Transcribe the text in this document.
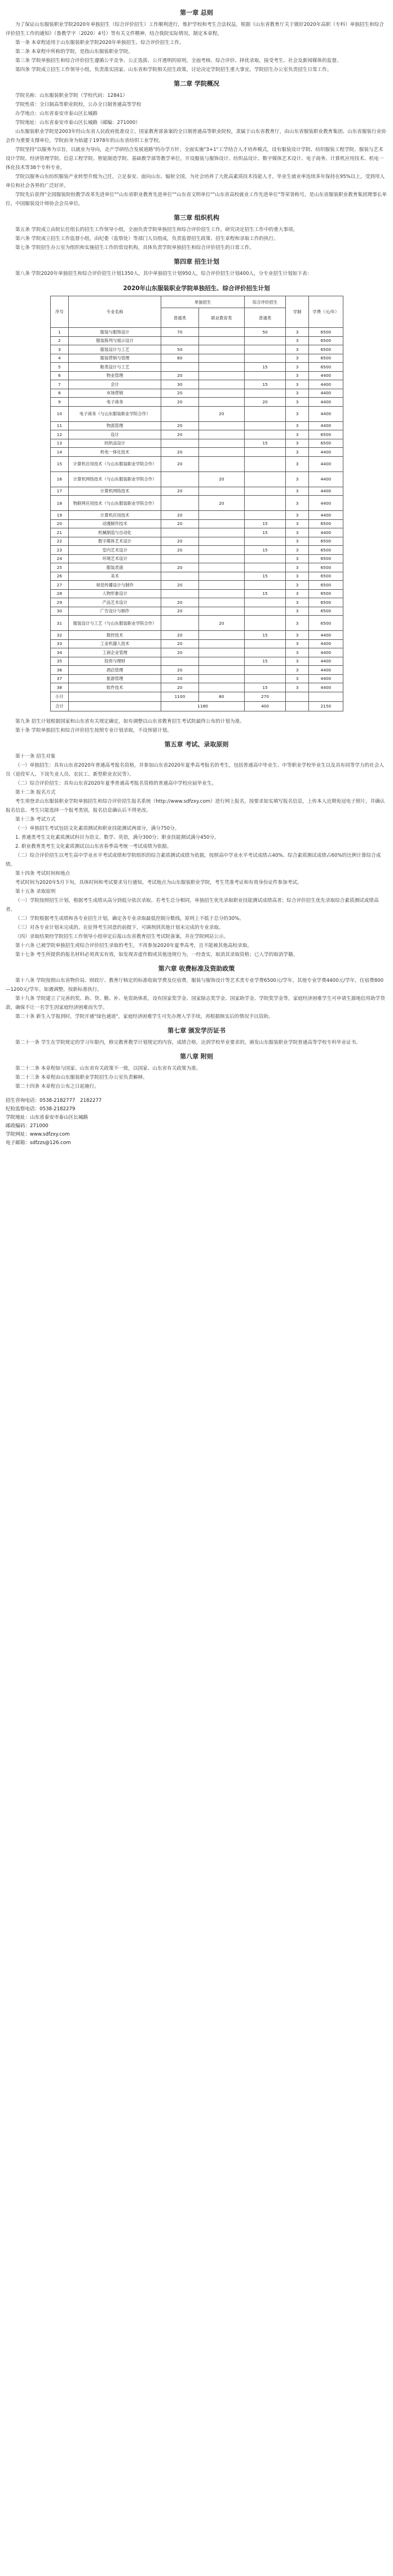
第一章 总则

为了保证山东服装职业学院2020年单独招生（综合评价招生）工作顺利进行，维护学校和考生合法权益，根据《山东省教育厅关于做好2020年高职（专科）单独招生和综合评价招生工作的通知》（鲁教学字〔2020〕4号）等有关文件精神，结合我院实际情况，制定本章程。

第一条 本章程适用于山东服装职业学院2020年单独招生、综合评价招生工作。

第二条 本章程中所称的学院，是指山东服装职业学院。

第三条 学院单独招生和综合评价招生遵循公平竞争、公正选拔、公开透明的原则，全面考核、综合评价、择优录取，接受考生、社会及新闻媒体的监督。

第四条 学院成立招生工作领导小组，负责落实国家、山东省和学院相关招生政策，讨论决定学院招生重大事宜。学院招生办公室负责招生日常工作。

第二章 学院概况

学院名称：山东服装职业学院（学校代码：12841）

学院性质：全日制高等职业院校，公办全日制普通高等学校

办学地点：山东省泰安市泰山区长城路

学院地址：山东省泰安市泰山区长城路（邮编：271000）

山东服装职业学院是2003年经山东省人民政府批准设立、国家教育部备案的全日制普通高等职业院校，隶属于山东省教育厅，由山东省服装职业教育集团、山东省服装行业协会作为重要支撑单位，学院前身为始建于1978年的山东省纺织工业学校。

学院坚持"以服务为宗旨，以就业为导向，走产学研结合发展道路"的办学方针，全面实施"3+1"工学结合人才培养模式，设有服装设计学院、纺织服装工程学院、服装与艺术设计学院、经济管理学院、信息工程学院、智能制造学院、基础教学部等教学单位，开设服装与服饰设计、纺织品设计、数字媒体艺术设计、电子商务、计算机应用技术、机电一体化技术等38个专科专业。

学院以服务山东纺织服装产业转型升级为己任，立足泰安、面向山东、辐射全国，为社会培养了大批高素质技术技能人才，毕业生就业率连续多年保持在95%以上，受到用人单位和社会各界的广泛好评。

学院先后获得"全国服装院校教学改革先进单位""山东省职业教育先进单位""山东省文明单位""山东省高校就业工作先进单位"等荣誉称号，是山东省服装职业教育集团理事长单位、中国服装设计师协会会员单位。

第三章 组织机构

第五条 学院成立由院长任组长的招生工作领导小组，全面负责学院单独招生和综合评价招生工作，研究决定招生工作中的重大事项。

第六条 学院成立招生工作监督小组，由纪委（监察处）等部门人员组成，负责监督招生政策、招生章程和录取工作的执行。

第七条 学院招生办公室为组织和实施招生工作的常设机构，具体负责学院单独招生和综合评价招生的日常工作。

第四章 招生计划

第八条 学院2020年单独招生和综合评价招生计划1350人，其中单独招生计划950人，综合评价招生计划400人，分专业招生计划如下表：

2020年山东服装职业学院单独招生、综合评价招生计划
序号	专业名称	单独招生		综合评价招生	学制	学费（元/年）
		普通类	职业教育类	普通类		
1	服装与服饰设计	70		50	3	6500
2	服装陈列与展示设计				3	6500
3	服装设计与工艺	50			3	6500
4	服装营销与管理	60			3	6500
5	鞋类设计与工艺			15	3	6500
6	物业管理	20			3	4400
7	会计	30		15	3	4400
8	市场营销	20			3	4400
9	电子商务	20		20	3	4400
10	电子商务（与山东服装职业学院合作）		20		3	4400
11	物流管理	20			3	4400
12	设计	20			3	6500
13	纺织品设计			15	3	6500
14	机电一体化技术	20			3	4400
15	计算机应用技术（与山东服装职业学院合作）	20			3	4400
16	计算机网络技术（与山东服装职业学院合作）		20		3	4400
17	计算机网络技术	20			3	4400
18	物联网应用技术（与山东服装职业学院合作）		20		3	4400
19	计算机应用技术	20			3	4400
20	动漫制作技术	20		15	3	6500
21	机械制造与自动化			15	3	4400
22	数字媒体艺术设计	20			3	6500
23	室内艺术设计	20		15	3	6500
24	环境艺术设计				3	6500
25	服装表演	20			3	6500
26	美术			15	3	6500
27	视觉传播设计与制作	20			3	6500
28	人物形象设计			15	3	6500
29	产品艺术设计	20			3	6500
30	广告设计与制作	20			3	6500
31	服装设计与工艺（与山东服装职业学院合作）		20		3	6500
32	数控技术	20		15	3	4400
33	工业机器人技术	20			3	4400
34	工商企业管理	20			3	4400
35	投资与理财			15	3	4400
36	酒店管理	20			3	4400
37	旅游管理	20			3	4400
38	软件技术	20		15	3	4400
小计		1100	80	270		
合计		1180		400		2150

第九条 招生计划根据国家和山东省有关规定确定，如有调整以山东省教育招生考试院最终公布的计划为准。

第十条 学院单独招生和综合评价招生按照专业计划录取，不设预留计划。

第五章 考试、录取原则

第十一条 招生对象

（一）单独招生：具有山东省2020年普通高考报名资格，并参加山东省2020年夏季高考报名的考生，包括普通高中毕业生、中等职业学校毕业生以及具有同等学力的社会人员（退役军人、下岗失业人员、农民工、新型职业农民等）。

（二）综合评价招生：具有山东省2020年夏季普通高考报名资格的普通高中学校应届毕业生。

第十二条 报名方式

考生须登录山东服装职业学院单独招生和综合评价招生报名系统（http://www.sdfzxy.com）进行网上报名，按要求如实填写报名信息，上传本人近期免冠电子照片，并确认报名信息。考生只能选择一个报考类别，报名信息确认后不得更改。

第十三条 考试方式

（一）单独招生考试包括文化素质测试和职业技能测试两部分，满分750分。

1. 普通类考生文化素质测试科目为语文、数学、英语，满分300分；职业技能测试满分450分。

2. 职业教育类考生文化素质测试以山东省春季高考统一考试成绩为依据。

（二）综合评价招生以考生高中学业水平考试成绩和学院组织的综合素质测试成绩为依据，按照高中学业水平考试成绩占40%、综合素质测试成绩占60%的比例计算综合成绩。

第十四条 考试时间和地点

考试时间为2020年5月下旬，具体时间和考试要求另行通知。考试地点为山东服装职业学院，考生凭准考证和有效身份证件参加考试。

第十五条 录取原则

（一）学院按照招生计划，根据考生成绩从高分到低分依次录取。若考生总分相同，单独招生优先录取职业技能测试成绩高者；综合评价招生优先录取综合素质测试成绩高者。

（二）学院根据考生成绩和各专业招生计划，确定各专业录取最低控制分数线，原则上不低于总分的30%。

（三）对各专业计划未完成的，在征得考生同意的前提下，可调剂到其他计划未完成的专业录取。

（四）录取结果经学院招生工作领导小组审定后报山东省教育招生考试院备案，并在学院网站公示。

第十六条 已被学院单独招生或综合评价招生录取的考生，不再参加2020年夏季高考，且不能被其他高校录取。

第十七条 考生所提供的报名材料必须真实有效，如发现弄虚作假或其他违规行为，一经查实，取消其录取资格；已入学的取消学籍。

第六章 收费标准及资助政策

第十八条 学院按照山东省物价局、财政厅、教育厅核定的标准收取学费及住宿费，服装与服饰设计等艺术类专业学费6500元/学年，其他专业学费4400元/学年，住宿费800—1200元/学年。如遇调整，按新标准执行。

第十九条 学院建立了完善的奖、助、贷、勤、补、免资助体系，设有国家奖学金、国家励志奖学金、国家助学金、学院奖学金等，家庭经济困难学生可申请生源地信用助学贷款，确保不让一名学生因家庭经济困难而失学。

第二十条 新生入学报到时，学院开通"绿色通道"，家庭经济困难学生可先办理入学手续，再根据核实后的情况予以资助。

第七章 颁发学历证书

第二十一条 学生在学院规定的学习年限内，修完教育教学计划规定的内容，成绩合格，达到学校毕业要求的，颁发山东服装职业学院普通高等学校专科毕业证书。

第八章 附则

第二十二条 本章程如与国家、山东省有关政策不一致，以国家、山东省有关政策为准。

第二十三条 本章程由山东服装职业学院招生办公室负责解释。

第二十四条 本章程自公布之日起施行。

招生咨询电话：0538-2182777　2182277

纪检监察电话：0538-2182279

学院地址：山东省泰安市泰山区长城路

邮政编码：271000

学院网址：www.sdfzxy.com

电子邮箱：sdfzzs@126.com
